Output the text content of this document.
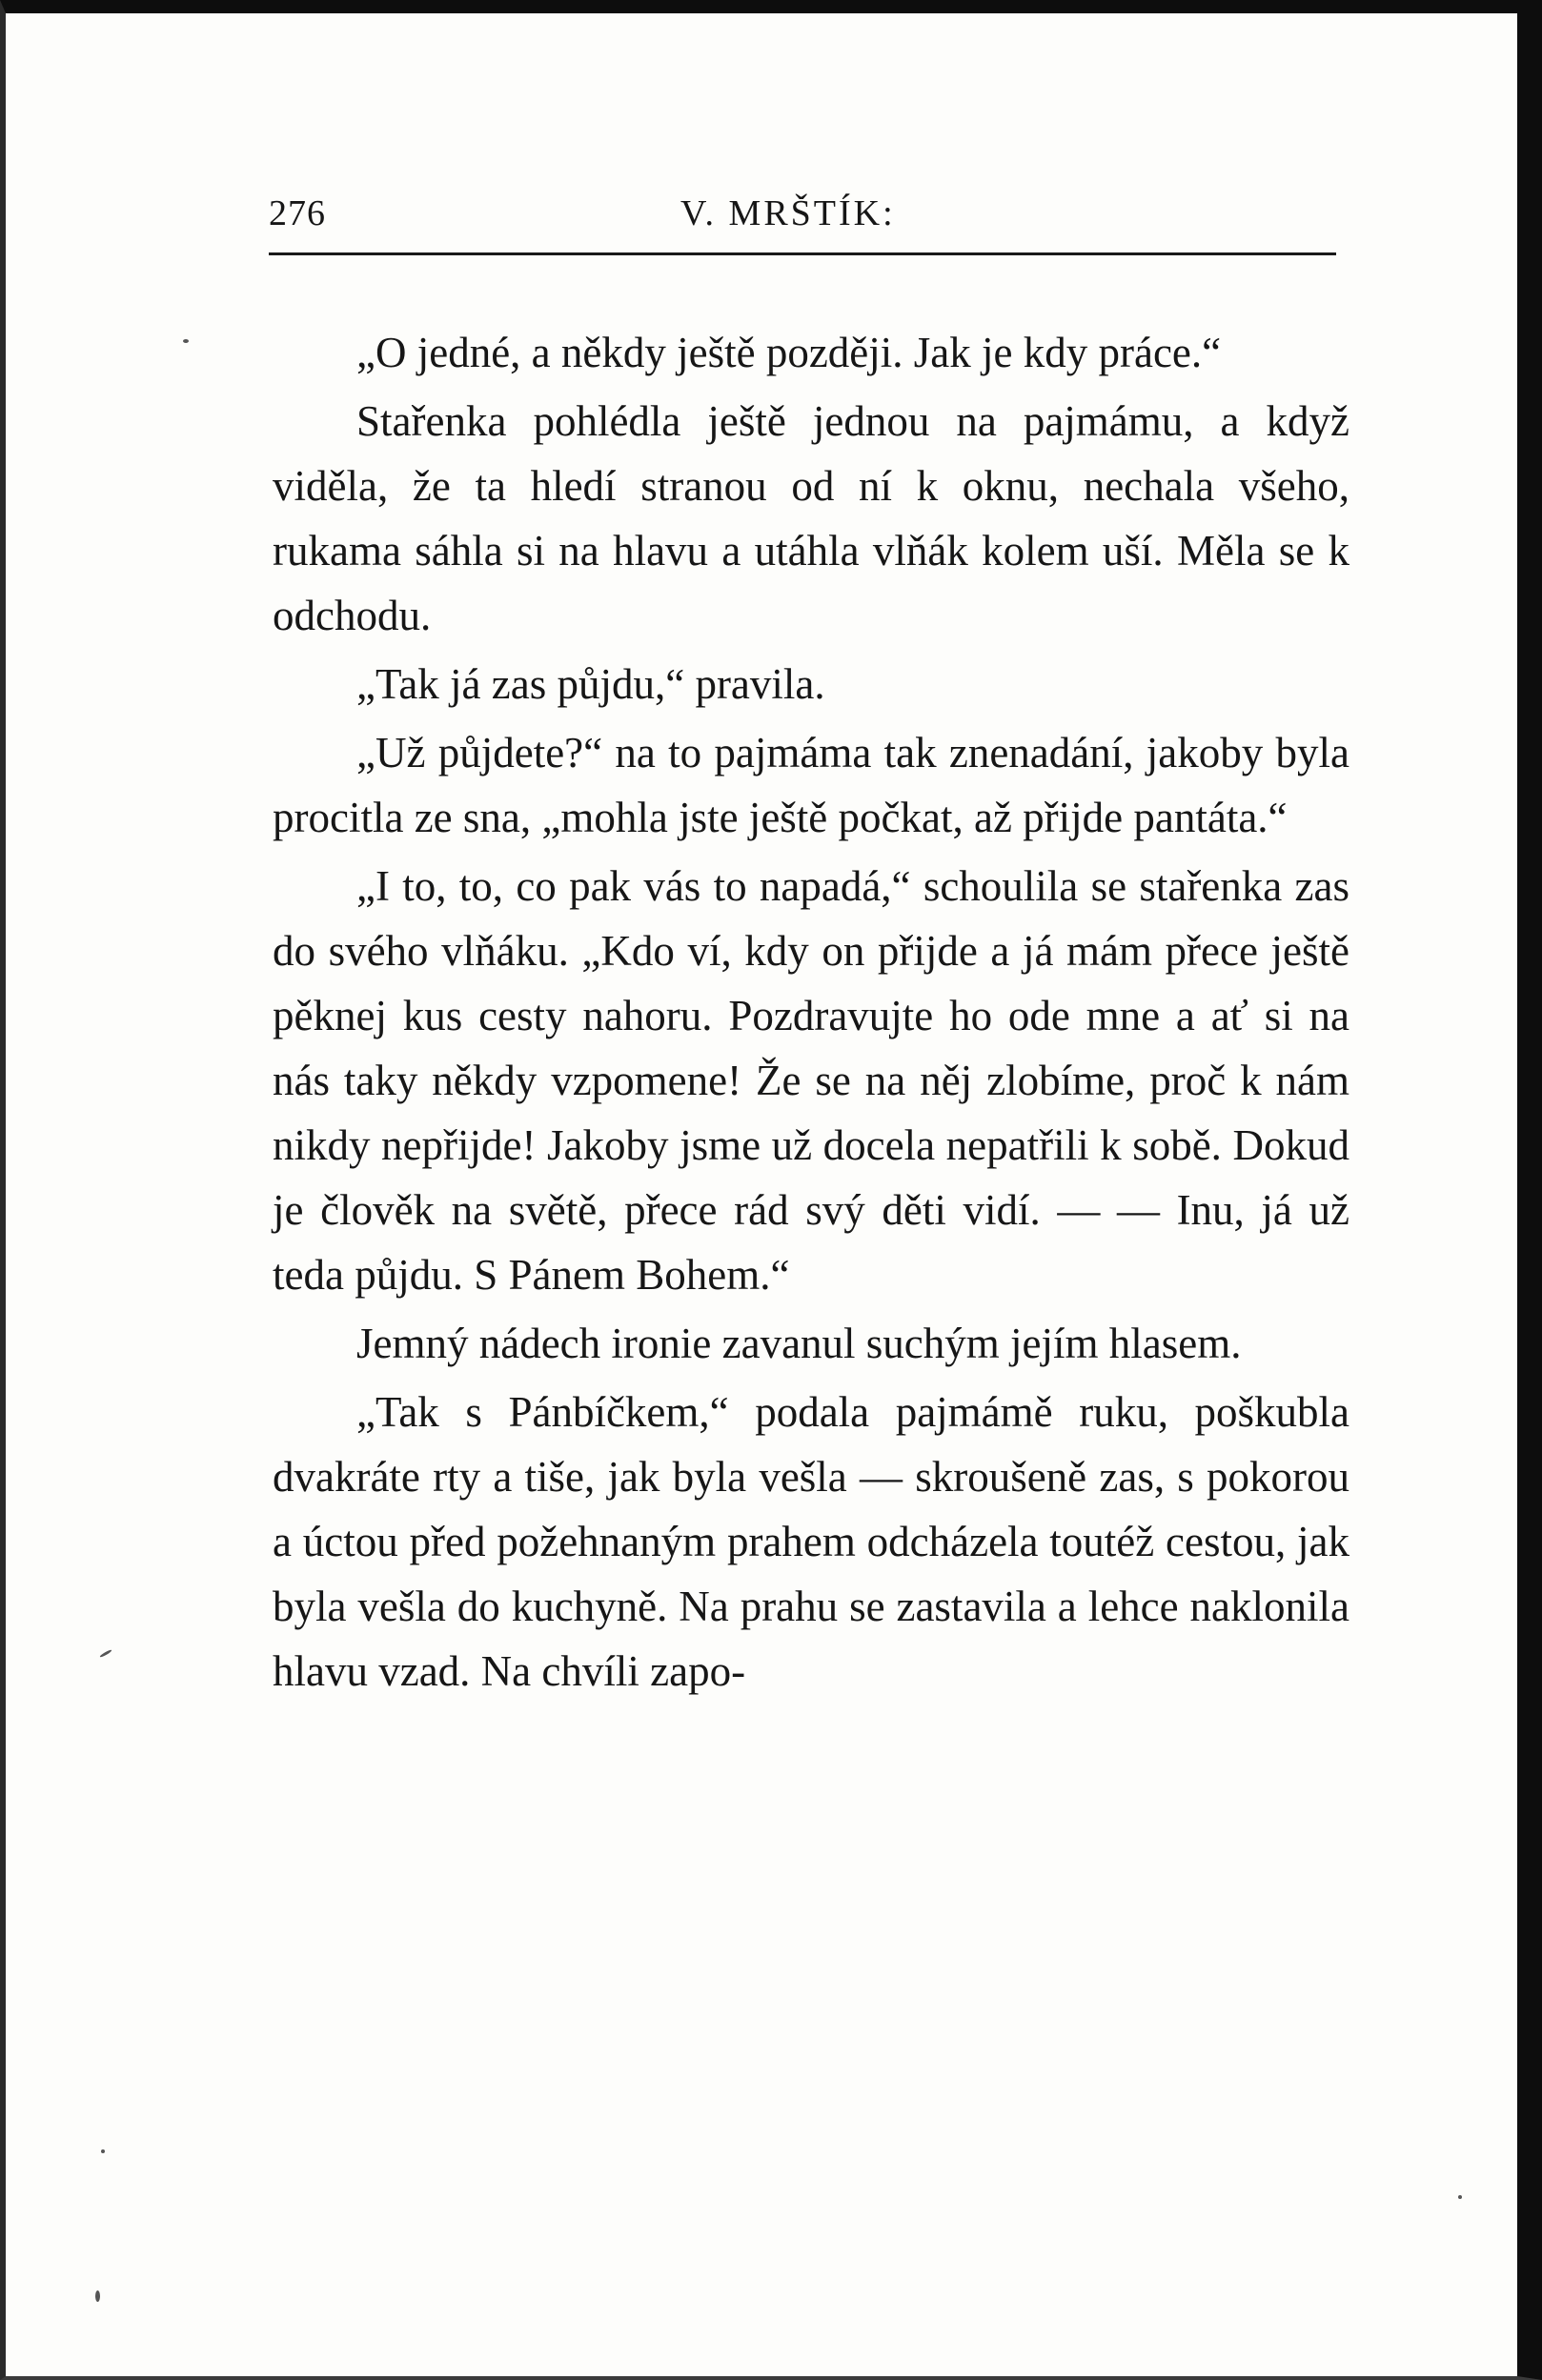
276	V. MRŠTÍK:

„O jedné, a někdy ještě později. Jak je kdy práce.“

Stařenka pohlédla ještě jednou na pajmámu, a když viděla, že ta hledí stranou od ní k oknu, nechala všeho, rukama sáhla si na hlavu a utáhla vlňák kolem uší. Měla se k odchodu.

„Tak já zas půjdu,“ pravila.

„Už půjdete?“ na to pajmáma tak znenadání, jakoby byla procitla ze sna, „mohla jste ještě počkat, až přijde pantáta.“

„I to, to, co pak vás to napadá,“ schoulila se stařenka zas do svého vlňáku. „Kdo ví, kdy on přijde a já mám přece ještě pěknej kus cesty nahoru. Pozdravujte ho ode mne a ať si na nás taky někdy vzpomene! Že se na něj zlobíme, proč k nám nikdy nepřijde! Jakoby jsme už docela nepatřili k sobě. Dokud je člověk na světě, přece rád svý děti vidí. — — Inu, já už teda půjdu. S Pánem Bohem.“

Jemný nádech ironie zavanul suchým jejím hlasem.

„Tak s Pánbíčkem,“ podala pajmámě ruku, poškubla dvakráte rty a tiše, jak byla vešla — skroušeně zas, s pokorou a úctou před požehnaným prahem odcházela toutéž cestou, jak byla vešla do kuchyně. Na prahu se zastavila a lehce naklonila hlavu vzad. Na chvíli zapo-
